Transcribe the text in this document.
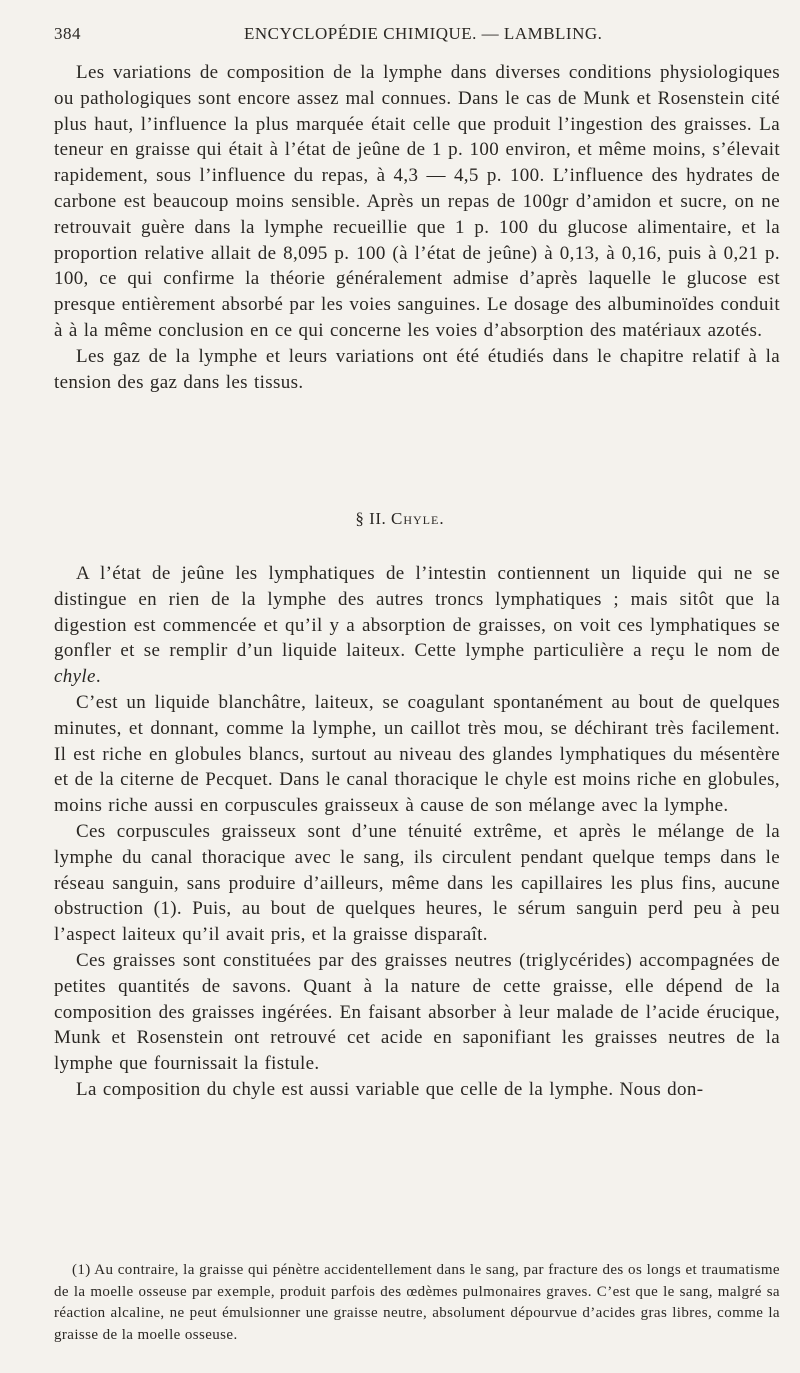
384	ENCYCLOPÉDIE CHIMIQUE. — LAMBLING.

Les variations de composition de la lymphe dans diverses conditions physiologiques ou pathologiques sont encore assez mal connues. Dans le cas de Munk et Rosenstein cité plus haut, l’influence la plus marquée était celle que produit l’ingestion des graisses. La teneur en graisse qui était à l’état de jeûne de 1 p. 100 environ, et même moins, s’élevait rapidement, sous l’influence du repas, à 4,3 — 4,5 p. 100. L’influence des hydrates de carbone est beaucoup moins sensible. Après un repas de 100gr d’amidon et sucre, on ne retrouvait guère dans la lymphe recueillie que 1 p. 100 du glucose alimentaire, et la proportion relative allait de 8,095 p. 100 (à l’état de jeûne) à 0,13, à 0,16, puis à 0,21 p. 100, ce qui confirme la théorie généralement admise d’après laquelle le glucose est presque entièrement absorbé par les voies sanguines. Le dosage des albuminoïdes conduit à à la même conclusion en ce qui concerne les voies d’absorption des matériaux azotés.

Les gaz de la lymphe et leurs variations ont été étudiés dans le chapitre relatif à la tension des gaz dans les tissus.

§ II. Chyle.

A l’état de jeûne les lymphatiques de l’intestin contiennent un liquide qui ne se distingue en rien de la lymphe des autres troncs lymphatiques ; mais sitôt que la digestion est commencée et qu’il y a absorption de graisses, on voit ces lymphatiques se gonfler et se remplir d’un liquide laiteux. Cette lymphe particulière a reçu le nom de chyle.

C’est un liquide blanchâtre, laiteux, se coagulant spontanément au bout de quelques minutes, et donnant, comme la lymphe, un caillot très mou, se déchirant très facilement. Il est riche en globules blancs, surtout au niveau des glandes lymphatiques du mésentère et de la citerne de Pecquet. Dans le canal thoracique le chyle est moins riche en globules, moins riche aussi en corpuscules graisseux à cause de son mélange avec la lymphe.

Ces corpuscules graisseux sont d’une ténuité extrême, et après le mélange de la lymphe du canal thoracique avec le sang, ils circulent pendant quelque temps dans le réseau sanguin, sans produire d’ailleurs, même dans les capillaires les plus fins, aucune obstruction (1). Puis, au bout de quelques heures, le sérum sanguin perd peu à peu l’aspect laiteux qu’il avait pris, et la graisse disparaît.

Ces graisses sont constituées par des graisses neutres (triglycérides) accompagnées de petites quantités de savons. Quant à la nature de cette graisse, elle dépend de la composition des graisses ingérées. En faisant absorber à leur malade de l’acide érucique, Munk et Rosenstein ont retrouvé cet acide en saponifiant les graisses neutres de la lymphe que fournissait la fistule.

La composition du chyle est aussi variable que celle de la lymphe. Nous don-

(1) Au contraire, la graisse qui pénètre accidentellement dans le sang, par fracture des os longs et traumatisme de la moelle osseuse par exemple, produit parfois des œdèmes pulmonaires graves. C’est que le sang, malgré sa réaction alcaline, ne peut émulsionner une graisse neutre, absolument dépourvue d’acides gras libres, comme la graisse de la moelle osseuse.
